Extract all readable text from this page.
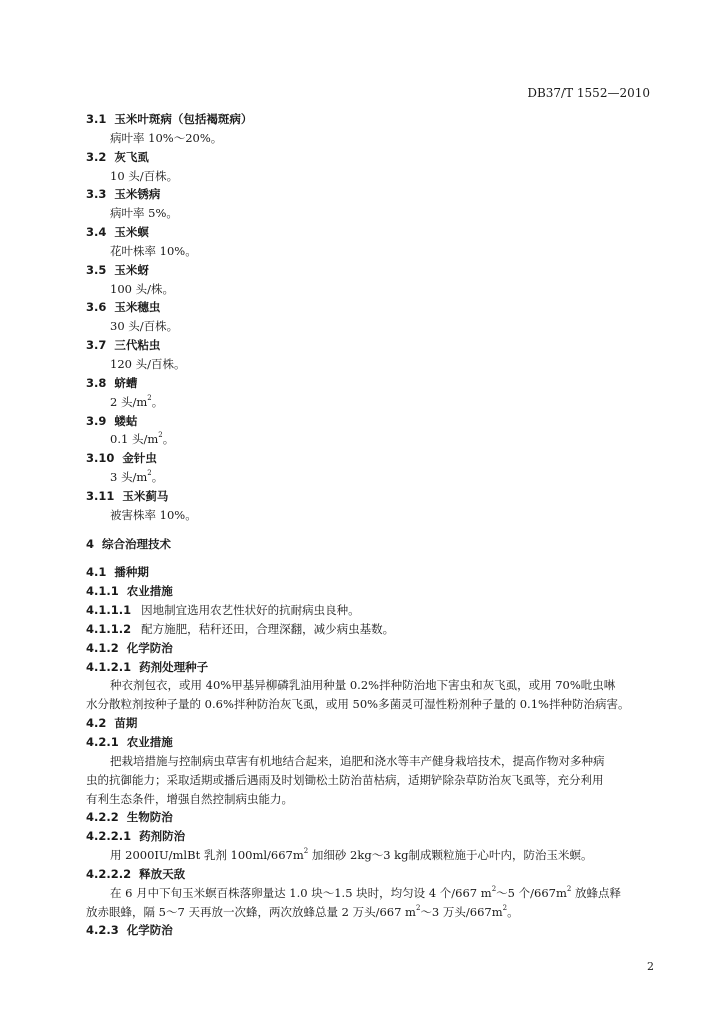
DB37/T 1552—2010
3.1 玉米叶斑病（包括褐斑病）
病叶率 10%～20%。
3.2 灰飞虱
10 头/百株。
3.3 玉米锈病
病叶率 5%。
3.4 玉米螟
花叶株率 10%。
3.5 玉米蚜
100 头/株。
3.6 玉米穗虫
30 头/百株。
3.7 三代粘虫
120 头/百株。
3.8 蛴螬
2 头$/m^2$。
3.9 蝼蛄
0.1 头$/m^2$。
3.10 金针虫
3 头$/m^2$。
3.11 玉米蓟马
被害株率 10%。
4 综合治理技术
4.1 播种期
4.1.1 农业措施
4.1.1.1 因地制宜选用农艺性状好的抗耐病虫良种。
4.1.1.2 配方施肥，秸秆还田，合理深翻，减少病虫基数。
4.1.2 化学防治
4.1.2.1 药剂处理种子
种衣剂包衣，或用 40%甲基异柳磷乳油用种量 0.2%拌种防治地下害虫和灰飞虱，或用 70%吡虫啉
水分散粒剂按种子量的 0.6%拌种防治灰飞虱，或用 50%多菌灵可湿性粉剂种子量的 0.1%拌种防治病害。
4.2 苗期
4.2.1 农业措施
把栽培措施与控制病虫草害有机地结合起来，追肥和浇水等丰产健身栽培技术，提高作物对多种病
虫的抗御能力；采取适期或播后遇雨及时划锄松土防治苗枯病，适期铲除杂草防治灰飞虱等，充分利用
有利生态条件，增强自然控制病虫能力。
4.2.2 生物防治
4.2.2.1 药剂防治
用 2000IU/mlBt 乳剂 $100ml/667m^2$ 加细砂 2kg～3 kg制成颗粒施于心叶内，防治玉米螟。
4.2.2.2 释放天敌
在 6 月中下旬玉米螟百株落卵量达 1.0 块～1.5 块时，均匀设 4 个/667 $m^2\sim 5$ 个$/667m^2$ 放蜂点释
放赤眼蜂，隔 5～7 天再放一次蜂，两次放蜂总量 2 万头/667 $m^2\sim 3$ 万头$/667m^2$。
4.2.3 化学防治
2
